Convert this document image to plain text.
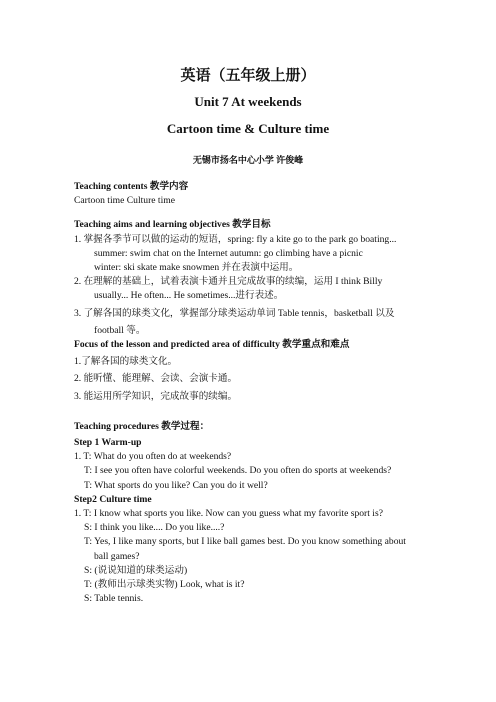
英语（五年级上册）
Unit 7 At weekends
Cartoon time & Culture time
无锡市扬名中心小学 许俊峰
Teaching contents 教学内容
Cartoon time Culture time
Teaching aims and learning objectives 教学目标
1. 掌握各季节可以做的运动的短语，spring: fly a kite go to the park go boating...
summer: swim chat on the Internet autumn: go climbing have a picnic
winter: ski skate make snowmen 并在表演中运用。
2. 在理解的基础上，试着表演卡通并且完成故事的续编，运用 I think Billy
usually... He often... He sometimes...进行表述。
3. 了解各国的球类文化，掌握部分球类运动单词 Table tennis，basketball 以及
football 等。
Focus of the lesson and predicted area of difficulty 教学重点和难点
1.了解各国的球类文化。
2. 能听懂、能理解、会读、会演卡通。
3. 能运用所学知识，完成故事的续编。
Teaching procedures 教学过程：
Step 1 Warm-up
1. T: What do you often do at weekends?
T: I see you often have colorful weekends. Do you often do sports at weekends?
T: What sports do you like? Can you do it well?
Step2 Culture time
1. T: I know what sports you like. Now can you guess what my favorite sport is?
S: I think you like.... Do you like....?
T: Yes, I like many sports, but I like ball games best. Do you know something about
ball games?
S: (说说知道的球类运动)
T: (教师出示球类实物) Look, what is it?
S: Table tennis.
